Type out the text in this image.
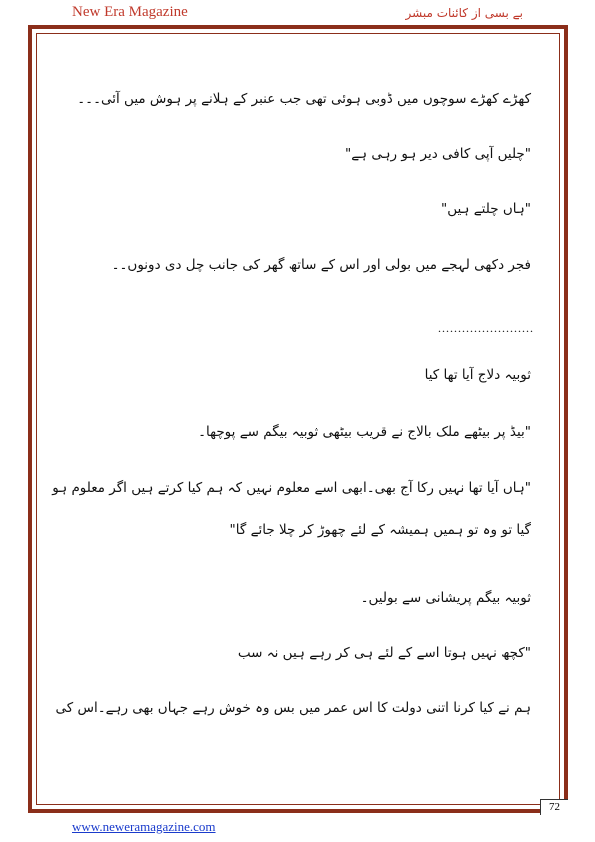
New Era Magazine	بے بسی از کائنات مبشر
کھڑے کھڑے سوچوں میں ڈوبی ہوئی تھی جب عنبر کے ہلانے پر ہوش میں آئی۔۔۔
"چلیں آپی کافی دیر ہو رہی ہے"
"ہاں چلتے ہیں"
فجر دکھی لہجے میں بولی اور اس کے ساتھ گھر کی جانب چل دی دونوں۔۔
........................
ثوبیہ دلاج آیا تھا کیا
"بیڈ پر بیٹھے ملک بالاج نے قریب بیٹھی ثوبیہ بیگم سے پوچھا۔
"ہاں آیا تھا نہیں رکا آج بھی۔ابھی اسے معلوم نہیں کہ ہم کیا کرتے ہیں اگر معلوم ہو
گیا تو وہ تو ہمیں ہمیشہ کے لئے چھوڑ کر چلا جائے گا"
ثوبیہ بیگم پریشانی سے بولیں۔
"کچھ نہیں ہوتا اسے کے لئے ہی کر رہے ہیں نہ سب
ہم نے کیا کرنا اتنی دولت کا اس عمر میں بس وہ خوش رہے جہاں بھی رہے۔اس کی
72
www.neweramagazine.com
